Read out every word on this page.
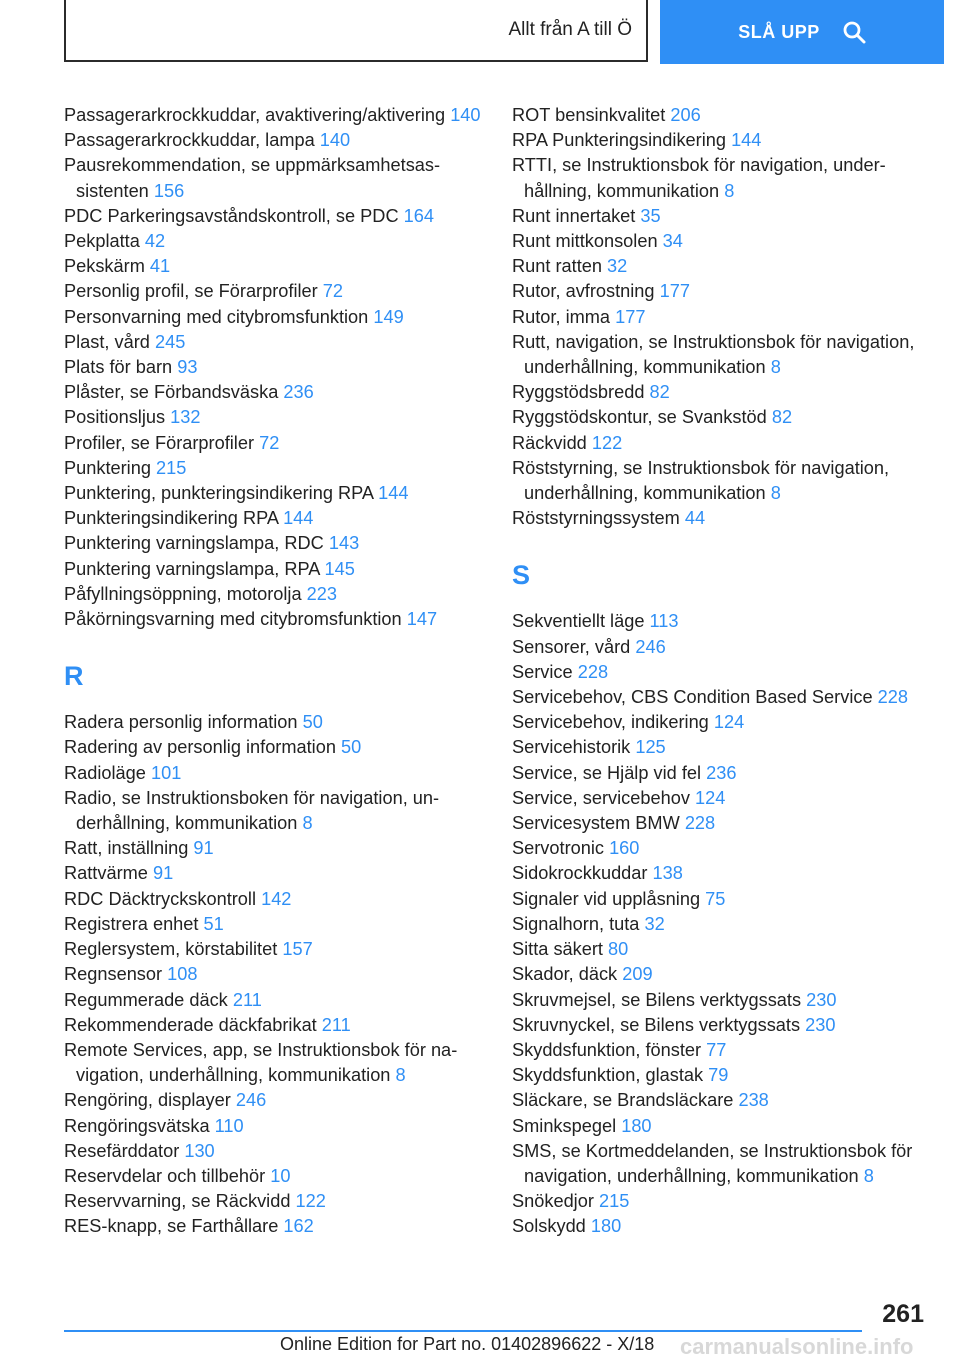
Allt från A till Ö	SLÅ UPP
Passagerarkrockkuddar, avaktivering/aktivering 140
Passagerarkrockkuddar, lampa 140
Pausrekommendation, se uppmärksamhetsassistenten 156
PDC Parkeringsavståndskontroll, se PDC 164
Pekplatta 42
Pekskärm 41
Personlig profil, se Förarprofiler 72
Personvarning med citybromsfunktion 149
Plast, vård 245
Plats för barn 93
Plåster, se Förbandsväska 236
Positionsljus 132
Profiler, se Förarprofiler 72
Punktering 215
Punktering, punkteringsindikering RPA 144
Punkteringsindikering RPA 144
Punktering varningslampa, RDC 143
Punktering varningslampa, RPA 145
Påfyllningsöppning, motorolja 223
Påkörningsvarning med citybromsfunktion 147
R
Radera personlig information 50
Radering av personlig information 50
Radioläge 101
Radio, se Instruktionsboken för navigation, underhållning, kommunikation 8
Ratt, inställning 91
Rattvärme 91
RDC Däcktryckskontroll 142
Registrera enhet 51
Reglersystem, körstabilitet 157
Regnsensor 108
Regummerade däck 211
Rekommenderade däckfabrikat 211
Remote Services, app, se Instruktionsbok för navigation, underhållning, kommunikation 8
Rengöring, displayer 246
Rengöringsvätska 110
Resefärddator 130
Reservdelar och tillbehör 10
Reservvarning, se Räckvidd 122
RES-knapp, se Farthållare 162
ROT bensinkvalitet 206
RPA Punkteringsindikering 144
RTTI, se Instruktionsbok för navigation, underhållning, kommunikation 8
Runt innertaket 35
Runt mittkonsolen 34
Runt ratten 32
Rutor, avfrostning 177
Rutor, imma 177
Rutt, navigation, se Instruktionsbok för navigation, underhållning, kommunikation 8
Ryggstödsbredd 82
Ryggstödskontur, se Svankstöd 82
Räckvidd 122
Röststyrning, se Instruktionsbok för navigation, underhållning, kommunikation 8
Röststyrningssystem 44
S
Sekventiellt läge 113
Sensorer, vård 246
Service 228
Servicebehov, CBS Condition Based Service 228
Servicebehov, indikering 124
Servicehistorik 125
Service, se Hjälp vid fel 236
Service, servicebehov 124
Servicesystem BMW 228
Servotronic 160
Sidokrockkuddar 138
Signaler vid upplåsning 75
Signalhorn, tuta 32
Sitta säkert 80
Skador, däck 209
Skruvmejsel, se Bilens verktygssats 230
Skruvnyckel, se Bilens verktygssats 230
Skyddsfunktion, fönster 77
Skyddsfunktion, glastak 79
Släckare, se Brandsläckare 238
Sminkspegel 180
SMS, se Kortmeddelanden, se Instruktionsbok för navigation, underhållning, kommunikation 8
Snökedjor 215
Solskydd 180
261
Online Edition for Part no. 01402896622 - X/18 carmanualsonline.info
